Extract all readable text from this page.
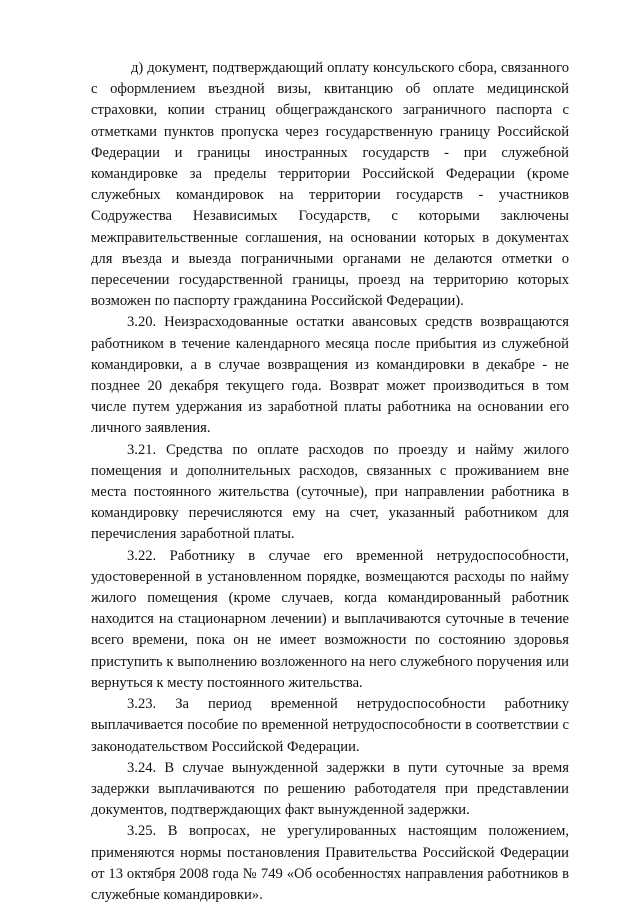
д) документ, подтверждающий оплату консульского сбора, связанного с оформлением въездной визы, квитанцию об оплате медицинской страховки, копии страниц общегражданского заграничного паспорта с отметками пунктов пропуска через государственную границу Российской Федерации и границы иностранных государств - при служебной командировке за пределы территории Российской Федерации (кроме служебных командировок на территории государств - участников Содружества Независимых Государств, с которыми заключены межправительственные соглашения, на основании которых в документах для въезда и выезда пограничными органами не делаются отметки о пересечении государственной границы, проезд на территорию которых возможен по паспорту гражданина Российской Федерации).

3.20. Неизрасходованные остатки авансовых средств возвращаются работником в течение календарного месяца после прибытия из служебной командировки, а в случае возвращения из командировки в декабре - не позднее 20 декабря текущего года. Возврат может производиться в том числе путем удержания из заработной платы работника на основании его личного заявления.

3.21. Средства по оплате расходов по проезду и найму жилого помещения и дополнительных расходов, связанных с проживанием вне места постоянного жительства (суточные), при направлении работника в командировку перечисляются ему на счет, указанный работником для перечисления заработной платы.

3.22. Работнику в случае его временной нетрудоспособности, удостоверенной в установленном порядке, возмещаются расходы по найму жилого помещения (кроме случаев, когда командированный работник находится на стационарном лечении) и выплачиваются суточные в течение всего времени, пока он не имеет возможности по состоянию здоровья приступить к выполнению возложенного на него служебного поручения или вернуться к месту постоянного жительства.

3.23. За период временной нетрудоспособности работнику выплачивается пособие по временной нетрудоспособности в соответствии с законодательством Российской Федерации.

3.24. В случае вынужденной задержки в пути суточные за время задержки выплачиваются по решению работодателя при представлении документов, подтверждающих факт вынужденной задержки.

3.25. В вопросах, не урегулированных настоящим положением, применяются нормы постановления Правительства Российской Федерации от 13 октября 2008 года № 749 «Об особенностях направления работников в служебные командировки».
